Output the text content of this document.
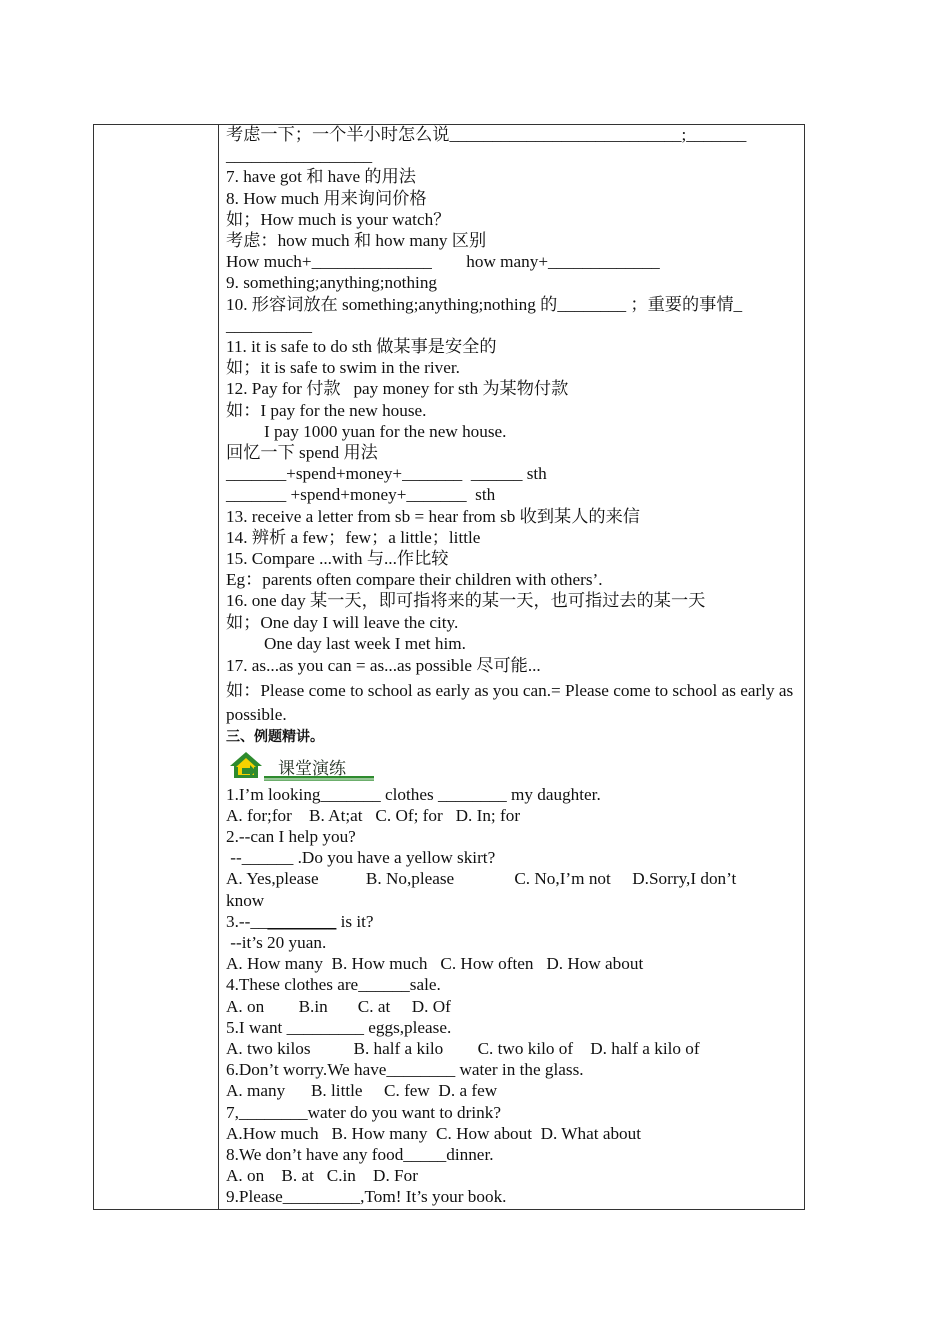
考虑一下；一个半小时怎么说___________________________;_______

_________________

7. have got 和 have 的用法

8. How much 用来询问价格

如；How much is your watch？

考虑：how much 和 how many 区别

How much+______________        how many+_____________

9. something;anything;nothing

10. 形容词放在 something;anything;nothing 的________ ；重要的事情_

__________

11. it is safe to do sth 做某事是安全的

如；it is safe to swim in the river.

12. Pay for 付款   pay money for sth 为某物付款

如：I pay for the new house.

I pay 1000 yuan for the new house.

回忆一下 spend 用法

_______+spend+money+_______  ______ sth

_______ +spend+money+_______  sth

13. receive a letter from sb = hear from sb 收到某人的来信

14. 辨析 a few；few；a little；little

15. Compare ...with 与...作比较

Eg：parents often compare their children with others’.

16. one day 某一天，即可指将来的某一天，也可指过去的某一天

如；One day I will leave the city.

One day last week I met him.

17. as...as you can = as...as possible 尽可能...

如：Please come to school as early as you can.= Please come to school as early as possible.

三、例题精讲。

课堂演练

1.I’m looking_______ clothes ________ my daughter.

A. for;for    B. At;at   C. Of; for   D. In; for

2.--can I help you?

--______ .Do you have a yellow skirt?

A. Yes,please           B. No,please              C. No,I’m not     D.Sorry,I don’t

know

3.--__________ is it?

--it’s 20 yuan.

A. How many  B. How much   C. How often   D. How about

4.These clothes are______sale.

A. on        B.in       C. at     D. Of

5.I want _________ eggs,please.

A. two kilos          B. half a kilo        C. two kilo of    D. half a kilo of

6.Don’t worry.We have________ water in the glass.

A. many      B. little     C. few  D. a few

7,________water do you want to drink?

A.How much   B. How many  C. How about  D. What about

8.We don’t have any food_____dinner.

A. on    B. at   C.in    D. For

9.Please_________,Tom! It’s your book.
